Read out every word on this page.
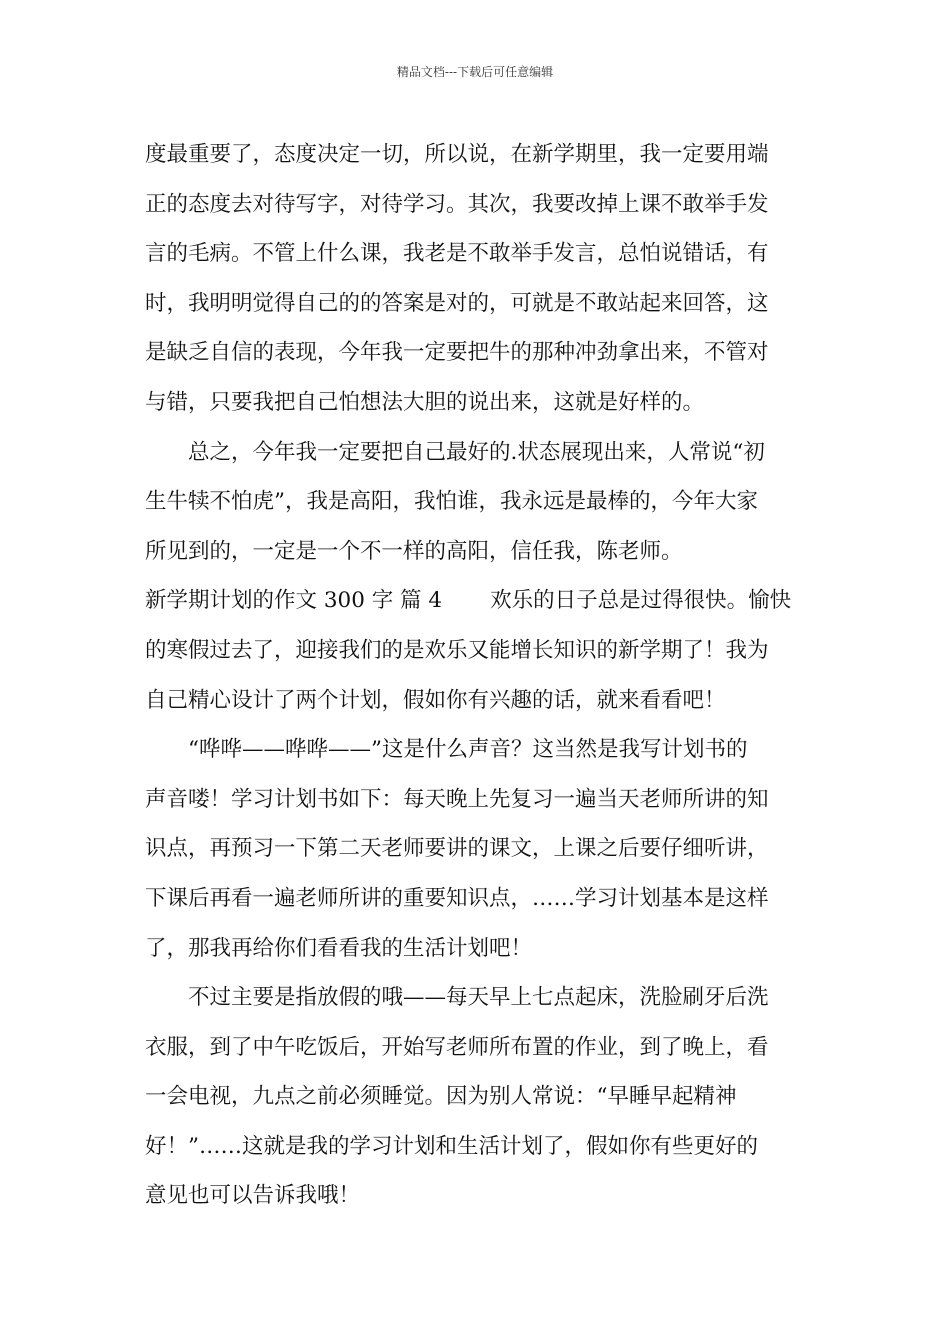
精品文档---下载后可任意编辑
度最重要了，态度决定一切，所以说，在新学期里，我一定要用端
正的态度去对待写字，对待学习。其次，我要改掉上课不敢举手发
言的毛病。不管上什么课，我老是不敢举手发言，总怕说错话，有
时，我明明觉得自己的的答案是对的，可就是不敢站起来回答，这
是缺乏自信的表现，今年我一定要把牛的那种冲劲拿出来，不管对
与错，只要我把自己怕想法大胆的说出来，这就是好样的。
总之，今年我一定要把自己最好的.状态展现出来，人常说“初
生牛犊不怕虎”，我是高阳，我怕谁，我永远是最棒的，今年大家
所见到的，一定是一个不一样的高阳，信任我，陈老师。
新学期计划的作文 300 字 篇 4 欢乐的日子总是过得很快。愉快
的寒假过去了，迎接我们的是欢乐又能增长知识的新学期了！我为
自己精心设计了两个计划，假如你有兴趣的话，就来看看吧！
“哗哗——哗哗——”这是什么声音？这当然是我写计划书的
声音喽！学习计划书如下：每天晚上先复习一遍当天老师所讲的知
识点，再预习一下第二天老师要讲的课文，上课之后要仔细听讲，
下课后再看一遍老师所讲的重要知识点，……学习计划基本是这样
了，那我再给你们看看我的生活计划吧！
不过主要是指放假的哦——每天早上七点起床，洗脸刷牙后洗
衣服，到了中午吃饭后，开始写老师所布置的作业，到了晚上，看
一会电视，九点之前必须睡觉。因为别人常说：“早睡早起精神
好！”……这就是我的学习计划和生活计划了，假如你有些更好的
意见也可以告诉我哦！
